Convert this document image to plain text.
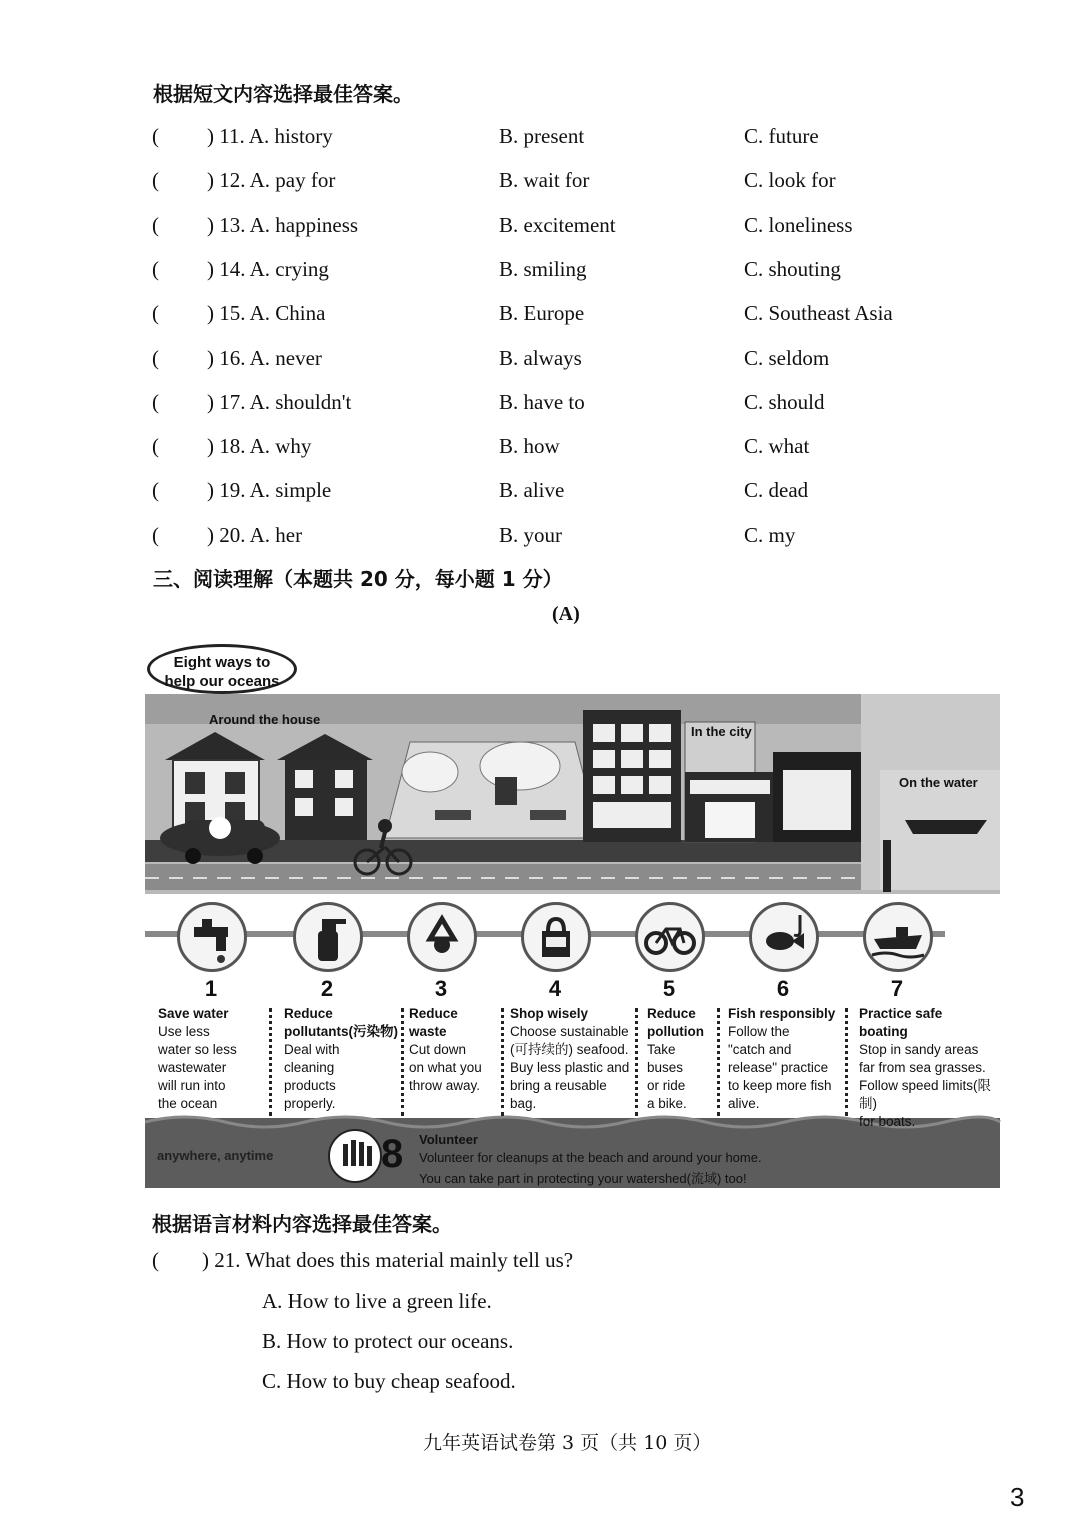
根据短文内容选择最佳答案。
( ) 11. A. history	B. present	C. future
( ) 12. A. pay for	B. wait for	C. look for
( ) 13. A. happiness	B. excitement	C. loneliness
( ) 14. A. crying	B. smiling	C. shouting
( ) 15. A. China	B. Europe	C. Southeast Asia
( ) 16. A. never	B. always	C. seldom
( ) 17. A. shouldn't	B. have to	C. should
( ) 18. A. why	B. how	C. what
( ) 19. A. simple	B. alive	C. dead
( ) 20. A. her	B. your	C. my
三、阅读理解（本题共 20 分，每小题 1 分）
(A)
Eight ways to
help our oceans
Around the house
In the city
On the water
1	2	3	4	5	6	7
Save water
Use less
water so less
wastewater
will run into
the ocean
Reduce
pollutants(污染物)
Deal with
cleaning
products
properly.
Reduce
waste
Cut down
on what you
throw away.
Shop wisely
Choose sustainable
(可持续的) seafood.
Buy less plastic and
bring a reusable
bag.
Reduce
pollution
Take
buses
or ride
a bike.
Fish responsibly
Follow the
"catch and
release" practice
to keep more fish
alive.
Practice safe
boating
Stop in sandy areas
far from sea grasses.
Follow speed limits(限制)
for boats.
anywhere, anytime	8 Volunteer
Volunteer for cleanups at the beach and around your home.
You can take part in protecting your watershed(流域) too!
根据语言材料内容选择最佳答案。
( ) 21. What does this material mainly tell us?
A. How to live a green life.
B. How to protect our oceans.
C. How to buy cheap seafood.
九年英语试卷第 3 页（共 10 页）
3
